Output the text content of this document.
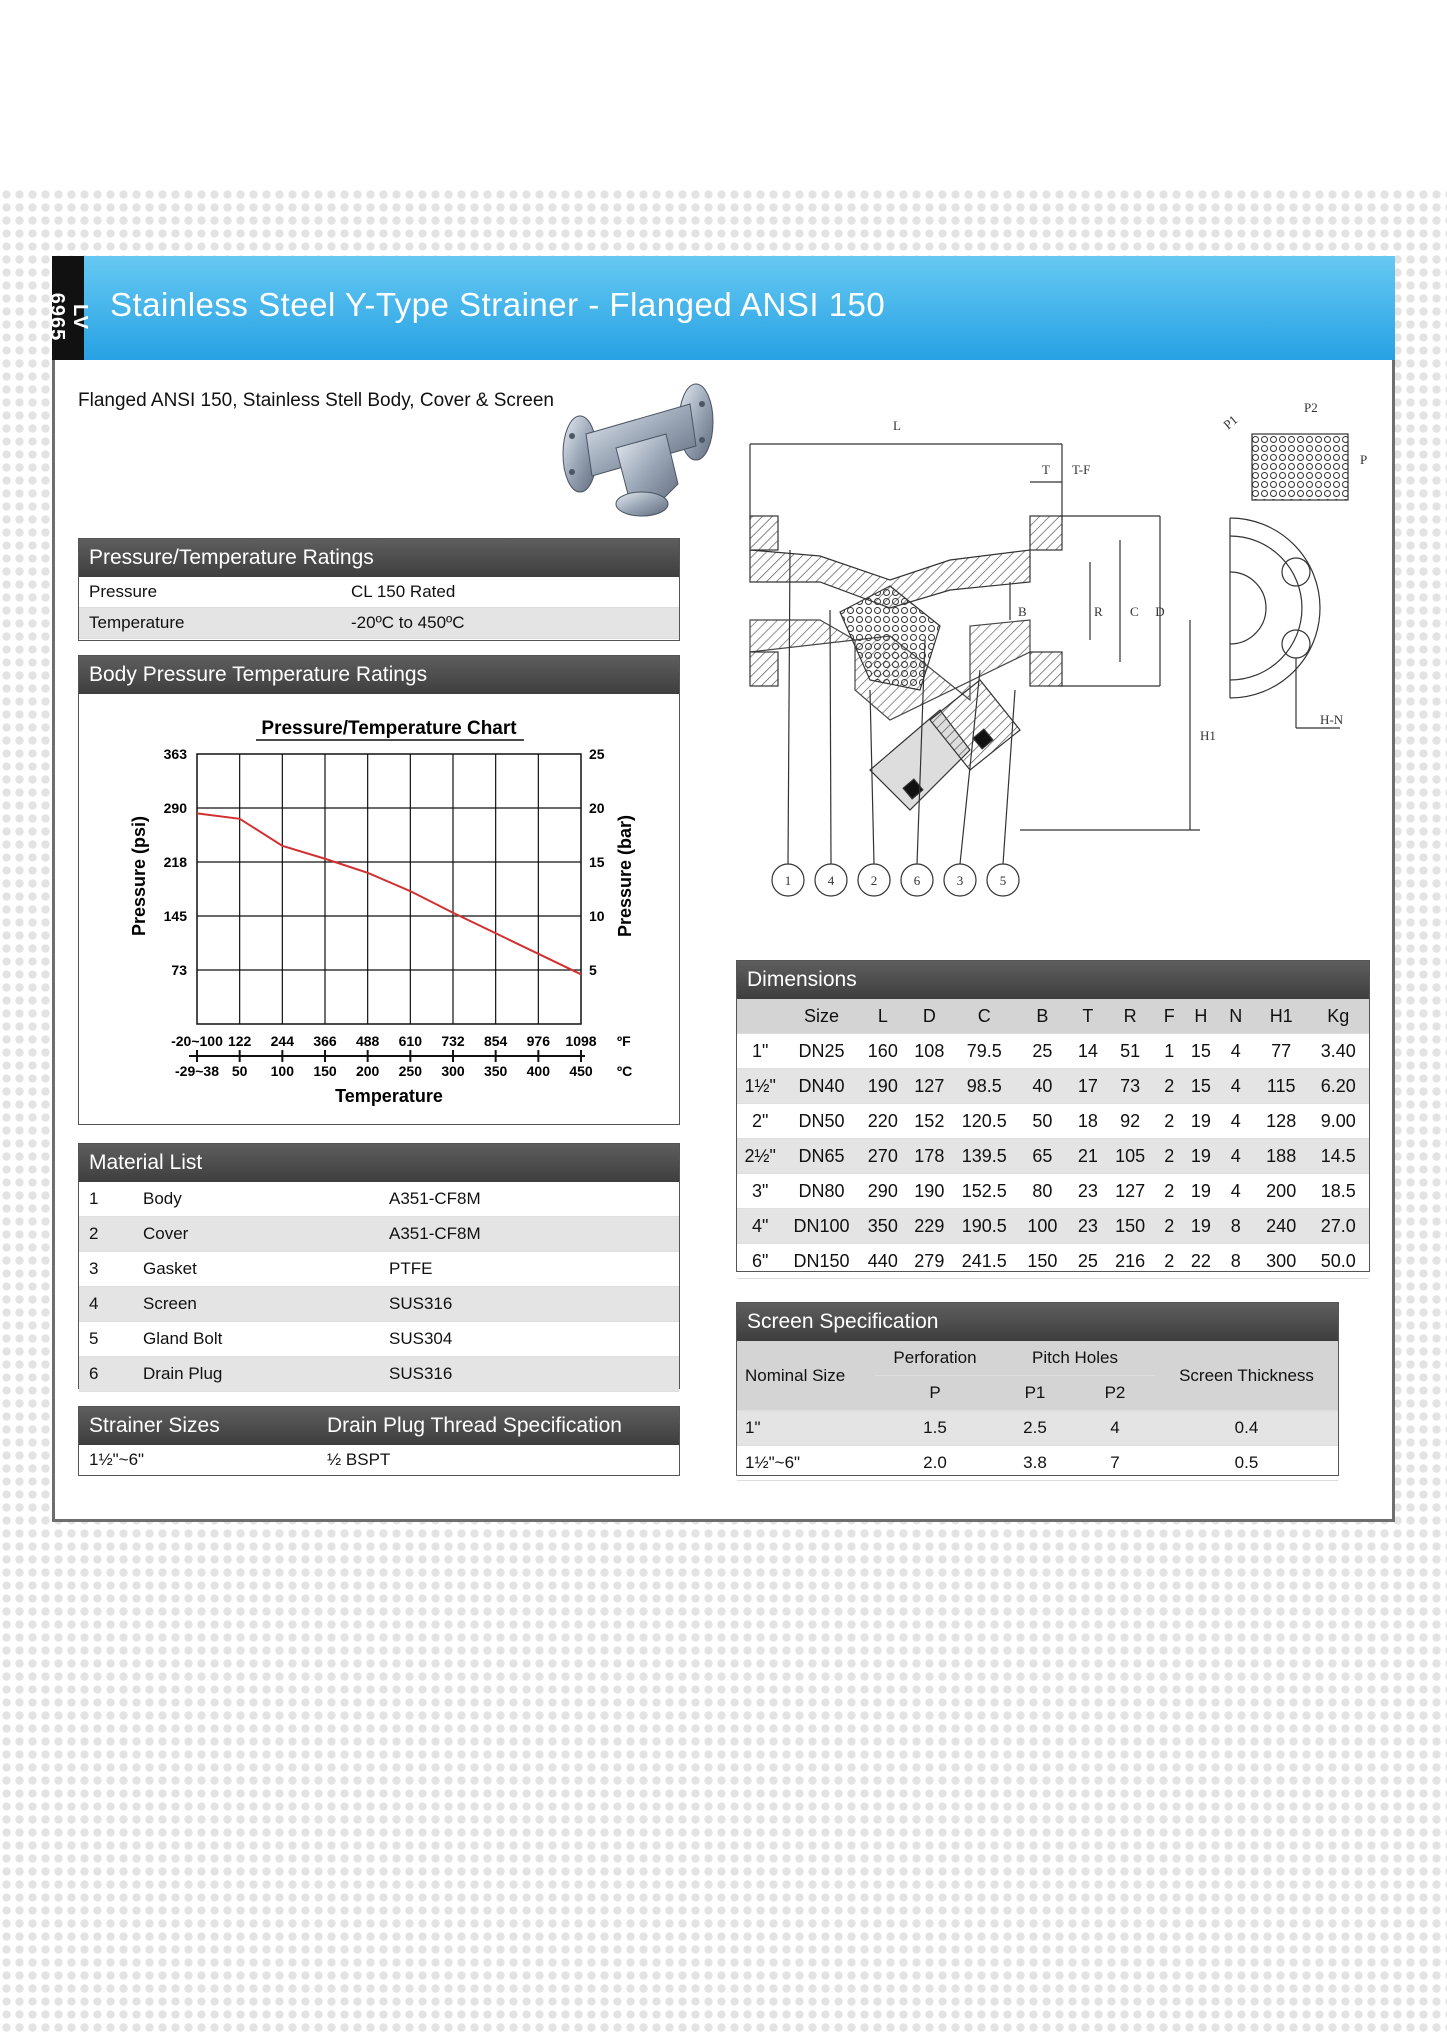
LV 6965	Stainless Steel Y-Type Strainer - Flanged ANSI 150
Flanged ANSI 150, Stainless Stell Body, Cover & Screen
Pressure/Temperature Ratings
Pressure	CL 150 Rated
Temperature	-20ºC to 450ºC
Body Pressure Temperature Ratings
Pressure/Temperature Chart
363	25
290	20
218	15
145	10
73	5
-20~100
-29~38
122
50
244
100
366
150
488
200
610
250
732
300
854
350
976
400
1098
450
Pressure (psi)	Pressure (bar)
Temperature
ºF
ºC
Material List
1	Body	A351-CF8M
2	Cover	A351-CF8M
3	Gasket	PTFE
4	Screen	SUS316
5	Gland Bolt	SUS304
6	Drain Plug	SUS316
Strainer Sizes	Drain Plug Thread Specification
1½"~6"	½ BSPT
L
T T-F
D
C
R
B
H1
H-N
P1
P2
P
1	4	2	6	3	5
Dimensions
	Size	L	D	C	B	T	R	F	H	N	H1	Kg
1"	DN25	160	108	79.5	25	14	51	1	15	4	77	3.40
1½"	DN40	190	127	98.5	40	17	73	2	15	4	115	6.20
2"	DN50	220	152	120.5	50	18	92	2	19	4	128	9.00
2½"	DN65	270	178	139.5	65	21	105	2	19	4	188	14.5
3"	DN80	290	190	152.5	80	23	127	2	19	4	200	18.5
4"	DN100	350	229	190.5	100	23	150	2	19	8	240	27.0
6"	DN150	440	279	241.5	150	25	216	2	22	8	300	50.0
Screen Specification
Nominal Size	Perforation	Pitch Holes		Screen Thickness
	P	P1	P2	
1"	1.5	2.5	4	0.4
1½"~6"	2.0	3.8	7	0.5
